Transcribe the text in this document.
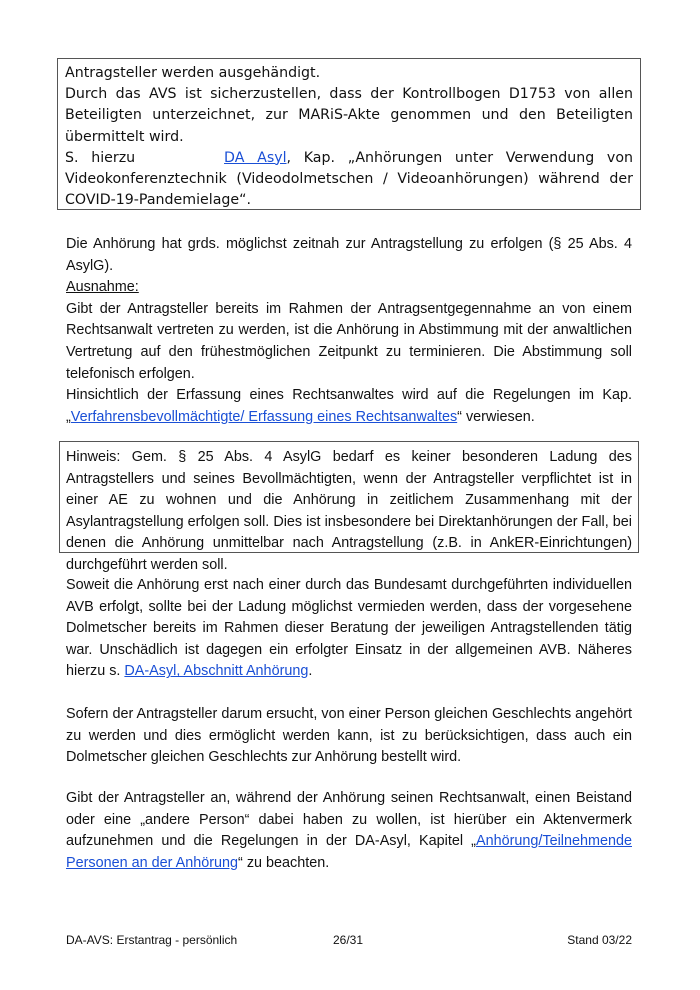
Antragsteller werden ausgehändigt.

Durch das AVS ist sicherzustellen, dass der Kontrollbogen D1753 von allen Beteiligten unterzeichnet, zur MARiS-Akte genommen und den Beteiligten übermittelt wird.

S. hierzu	DA Asyl, Kap. „Anhörungen unter Verwendung von Videokonferenztechnik (Videodolmetschen / Videoanhörungen) während der COVID-19-Pandemielage“.

Die Anhörung hat grds. möglichst zeitnah zur Antragstellung zu erfolgen (§ 25 Abs. 4 AsylG).

Ausnahme:

Gibt der Antragsteller bereits im Rahmen der Antragsentgegennahme an von einem Rechtsanwalt vertreten zu werden, ist die Anhörung in Abstimmung mit der anwaltlichen Vertretung auf den frühestmöglichen Zeitpunkt zu terminieren. Die Abstimmung soll telefonisch erfolgen.

Hinsichtlich der Erfassung eines Rechtsanwaltes wird auf die Regelungen im Kap. „Verfahrensbevollmächtigte/ Erfassung eines Rechtsanwaltes“ verwiesen.

Hinweis: Gem. § 25 Abs. 4 AsylG bedarf es keiner besonderen Ladung des Antragstellers und seines Bevollmächtigten, wenn der Antragsteller verpflichtet ist in einer AE zu wohnen und die Anhörung in zeitlichem Zusammenhang mit der Asylantragstellung erfolgen soll. Dies ist insbesondere bei Direktanhörungen der Fall, bei denen die Anhörung unmittelbar nach Antragstellung (z.B. in AnkER-Einrichtungen) durchgeführt werden soll.

Soweit die Anhörung erst nach einer durch das Bundesamt durchgeführten individuellen AVB erfolgt, sollte bei der Ladung möglichst vermieden werden, dass der vorgesehene Dolmetscher bereits im Rahmen dieser Beratung der jeweiligen Antragstellenden tätig war. Unschädlich ist dagegen ein erfolgter Einsatz in der allgemeinen AVB. Näheres hierzu s. DA-Asyl, Abschnitt Anhörung.

Sofern der Antragsteller darum ersucht, von einer Person gleichen Geschlechts angehört zu werden und dies ermöglicht werden kann, ist zu berücksichtigen, dass auch ein Dolmetscher gleichen Geschlechts zur Anhörung bestellt wird.

Gibt der Antragsteller an, während der Anhörung seinen Rechtsanwalt, einen Beistand oder eine „andere Person“ dabei haben zu wollen, ist hierüber ein Aktenvermerk aufzunehmen und die Regelungen in der DA-Asyl, Kapitel „Anhörung/Teilnehmende Personen an der Anhörung“ zu beachten.

DA-AVS: Erstantrag - persönlich	26/31	Stand 03/22
